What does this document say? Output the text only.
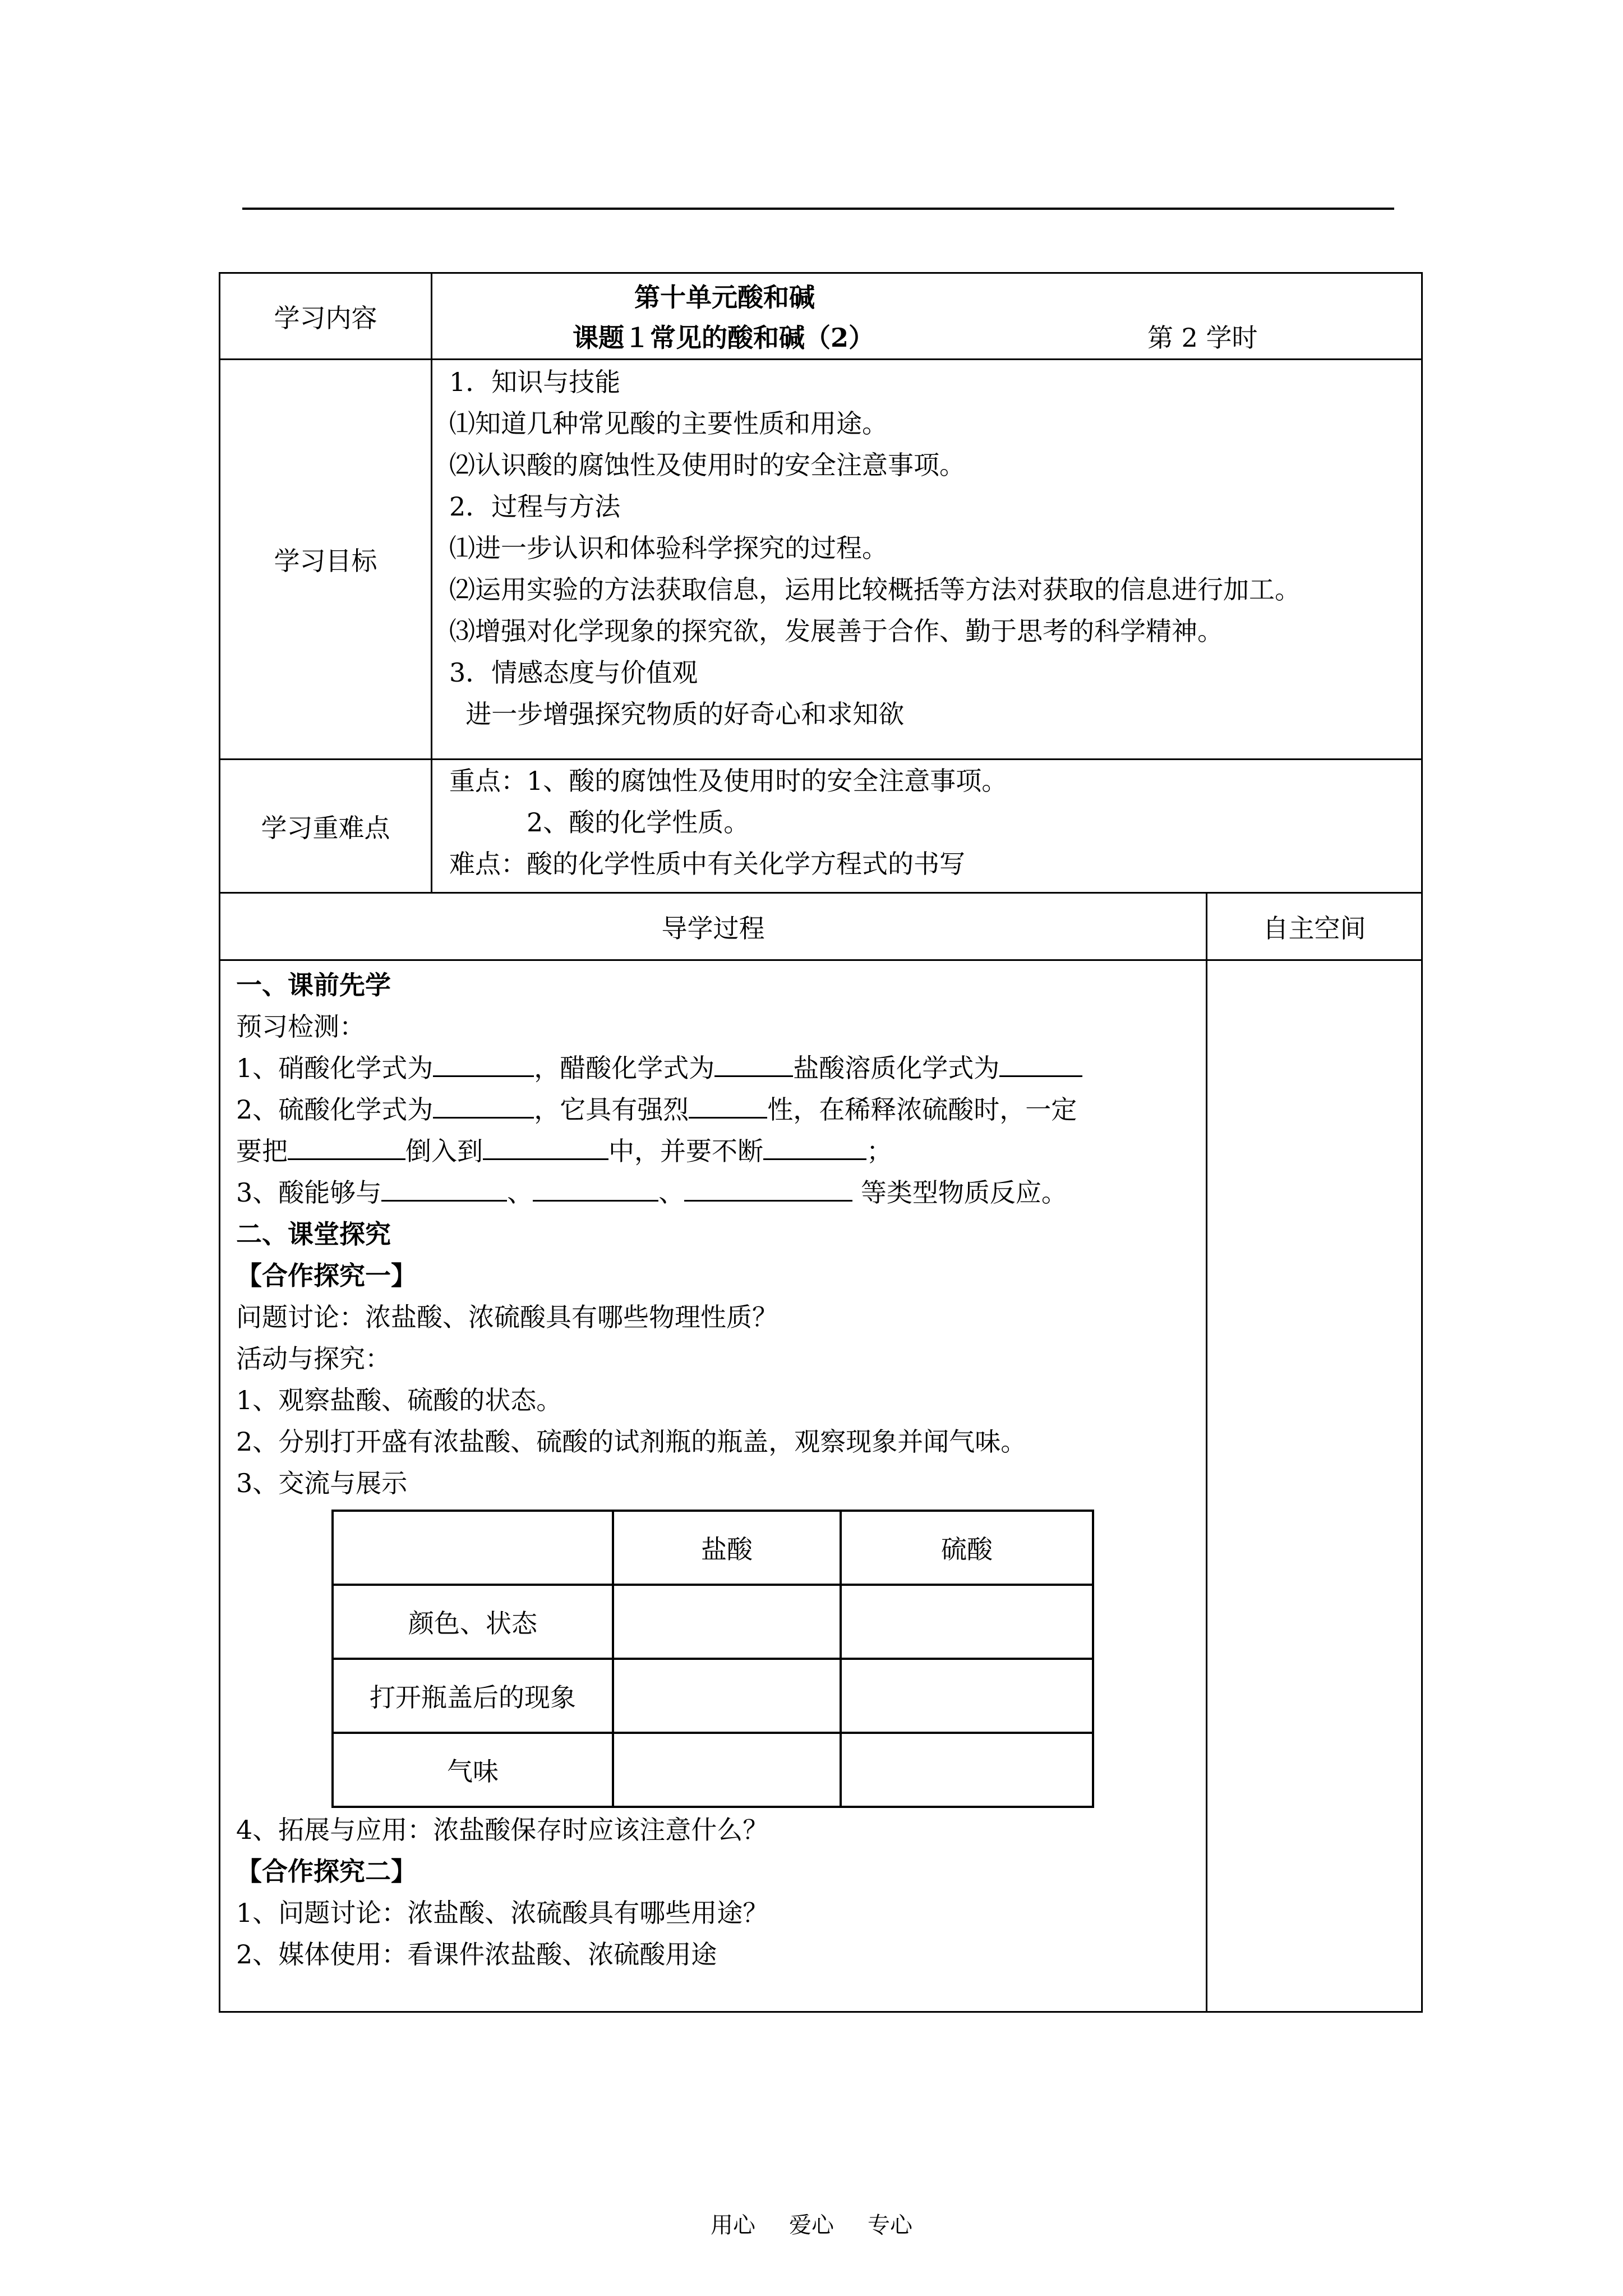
学习内容	
第十单元酸和碱
课题１常见的酸和碱（2）	第 2 学时

学习目标	
1．知识与技能
⑴知道几种常见酸的主要性质和用途。
⑵认识酸的腐蚀性及使用时的安全注意事项。
2．过程与方法
⑴进一步认识和体验科学探究的过程。
⑵运用实验的方法获取信息，运用比较概括等方法对获取的信息进行加工。
⑶增强对化学现象的探究欲，发展善于合作、勤于思考的科学精神。
3．情感态度与价值观
进一步增强探究物质的好奇心和求知欲

学习重难点	
重点：1、酸的腐蚀性及使用时的安全注意事项。
　　　2、酸的化学性质。
难点：酸的化学性质中有关化学方程式的书写

导学过程	自主空间

一、课前先学
预习检测：
1、硝酸化学式为	，醋酸化学式为	盐酸溶质化学式为
2、硫酸化学式为	，它具有强烈	性，在稀释浓硫酸时，一定
要把	倒入到	中，并要不断	；
3、酸能够与	、	、	等类型物质反应。
二、课堂探究
【合作探究一】
问题讨论：浓盐酸、浓硫酸具有哪些物理性质？
活动与探究：
1、观察盐酸、硫酸的状态。
2、分别打开盛有浓盐酸、硫酸的试剂瓶的瓶盖，观察现象并闻气味。
3、交流与展示
	盐酸	硫酸
颜色、状态		
打开瓶盖后的现象		
气味		
4、拓展与应用：浓盐酸保存时应该注意什么？
【合作探究二】
1、问题讨论：浓盐酸、浓硫酸具有哪些用途？
2、媒体使用：看课件浓盐酸、浓硫酸用途

用心 爱心 专心
